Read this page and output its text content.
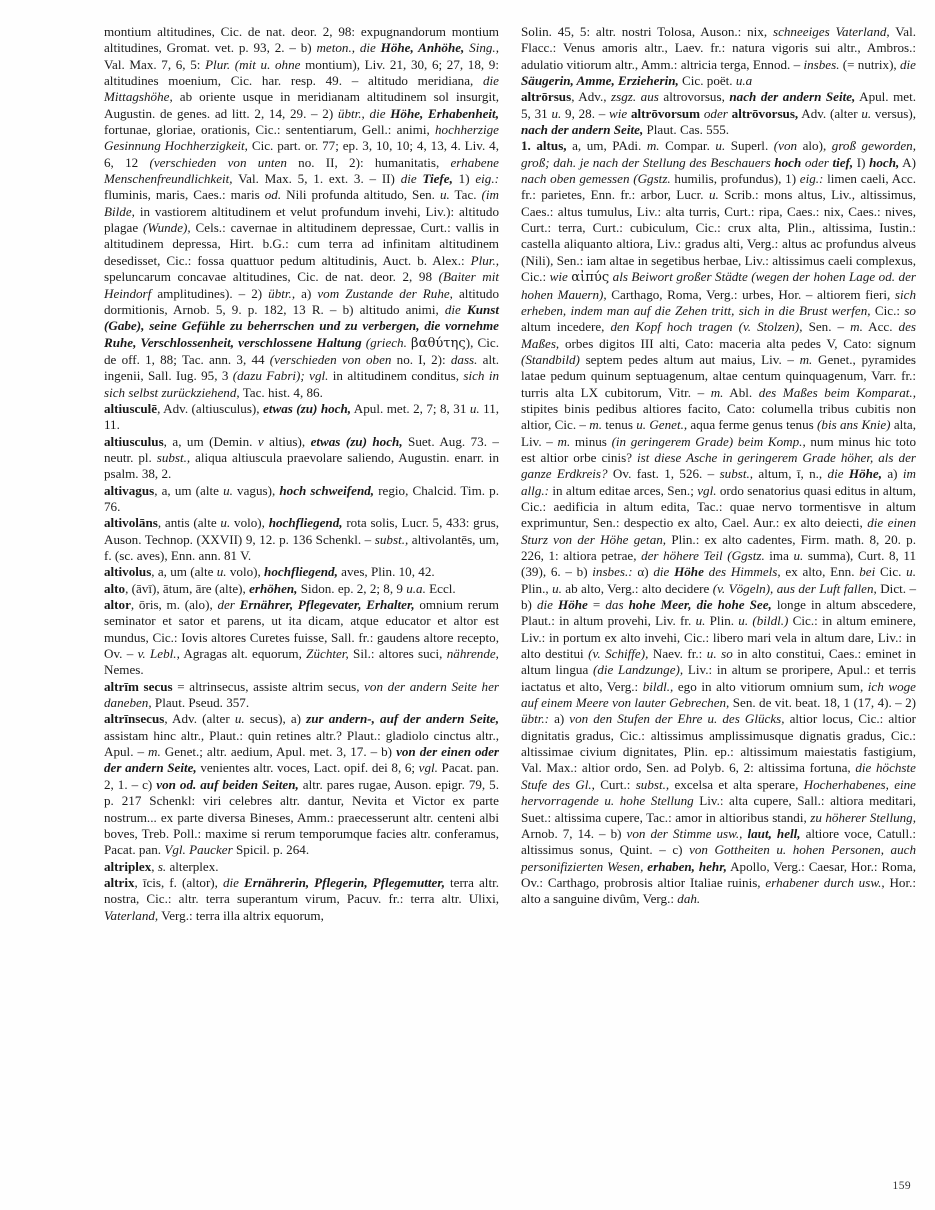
montium altitudines, Cic. de nat. deor. 2, 98: expugnandorum montium altitudines, Gromat. vet. p. 93, 2. – b) meton., die Höhe, Anhöhe, Sing., Val. Max. 7, 6, 5: Plur. (mit u. ohne montium), Liv. 21, 30, 6; 27, 18, 9: altitudines moenium, Cic. har. resp. 49. – altitudo meridiana, die Mittagshöhe, ab oriente usque in meridianam altitudinem sol insurgit, Augustin. de genes. ad litt. 2, 14, 29. – 2) übtr., die Höhe, Erhabenheit, fortunae, gloriae, orationis, Cic.: sententiarum, Gell.: animi, hochherzige Gesinnung Hochherzigkeit, Cic. part. or. 77; ep. 3, 10, 10; 4, 13, 4. Liv. 4, 6, 12 (verschieden von unten no. II, 2): humanitatis, erhabene Menschenfreundlichkeit, Val. Max. 5, 1. ext. 3. – II) die Tiefe, 1) eig.: fluminis, maris, Caes.: maris od. Nili profunda altitudo, Sen. u. Tac. (im Bilde, in vastiorem altitudinem et velut profundum invehi, Liv.): altitudo plagae (Wunde), Cels.: cavernae in altitudinem depressae, Curt.: vallis in altitudinem depressa, Hirt. b.G.: cum terra ad infinitam altitudinem desedisset, Cic.: fossa quattuor pedum altitudinis, Auct. b. Alex.: Plur., speluncarum concavae altitudines, Cic. de nat. deor. 2, 98 (Baiter mit Heindorf amplitudines). – 2) übtr., a) vom Zustande der Ruhe, altitudo dormitionis, Arnob. 5, 9. p. 182, 13 R. – b) altitudo animi, die Kunst (Gabe), seine Gefühle zu beherrschen und zu verbergen, die vornehme Ruhe, Verschlossenheit, verschlossene Haltung (griech. βαθύτης), Cic. de off. 1, 88; Tac. ann. 3, 44 (verschieden von oben no. I, 2): dass. alt. ingenii, Sall. Iug. 95, 3 (dazu Fabri); vgl. in altitudinem conditus, sich in sich selbst zurückziehend, Tac. hist. 4, 86.

altiusculē, Adv. (altiusculus), etwas (zu) hoch, Apul. met. 2, 7; 8, 31 u. 11, 11.

altiusculus, a, um (Demin. v altius), etwas (zu) hoch, Suet. Aug. 73. – neutr. pl. subst., aliqua altiuscula praevolare saliendo, Augustin. enarr. in psalm. 38, 2.

altivagus, a, um (alte u. vagus), hoch schweifend, regio, Chalcid. Tim. p. 76.

altivolāns, antis (alte u. volo), hochfliegend, rota solis, Lucr. 5, 433: grus, Auson. Technop. (XXVII) 9, 12. p. 136 Schenkl. – subst., altivolantēs, um, f. (sc. aves), Enn. ann. 81 V.

altivolus, a, um (alte u. volo), hochfliegend, aves, Plin. 10, 42.

alto, (āvī), ātum, āre (alte), erhöhen, Sidon. ep. 2, 2; 8, 9 u.a. Eccl.

altor, ōris, m. (alo), der Ernährer, Pflegevater, Erhalter, omnium rerum seminator et sator et parens, ut ita dicam, atque educator et altor est mundus, Cic.: Iovis altores Curetes fuisse, Sall. fr.: gaudens altore recepto, Ov. – v. Lebl., Agragas alt. equorum, Züchter, Sil.: altores suci, nährende, Nemes.

altrīm secus = altrinsecus, assiste altrim secus, von der andern Seite her daneben, Plaut. Pseud. 357.

altrīnsecus, Adv. (alter u. secus), a) zur andern-, auf der andern Seite, assistam hinc altr., Plaut.: quin retines altr.? Plaut.: gladiolo cinctus altr., Apul. – m. Genet.; altr. aedium, Apul. met. 3, 17. – b) von der einen oder der andern Seite, venientes altr. voces, Lact. opif. dei 8, 6; vgl. Pacat. pan. 2, 1. – c) von od. auf beiden Seiten, altr. pares rugae, Auson. epigr. 79, 5. p. 217 Schenkl: viri celebres altr. dantur, Nevita et Victor ex parte nostrum... ex parte diversa Bineses, Amm.: praecesserunt altr. centeni albi boves, Treb. Poll.: maxime si rerum temporumque facies altr. conferamus, Pacat. pan. Vgl. Paucker Spicil. p. 264.

altriplex, s. alterplex.

altrix, īcis, f. (altor), die Ernährerin, Pflegerin, Pflegemutter, terra altr. nostra, Cic.: altr. terra superantum virum, Pacuv. fr.: terra altr. Ulixi, Vaterland, Verg.: terra illa altrix equorum,

Solin. 45, 5: altr. nostri Tolosa, Auson.: nix, schneeiges Vaterland, Val. Flacc.: Venus amoris altr., Laev. fr.: natura vigoris sui altr., Ambros.: adulatio vitiorum altr., Amm.: altricia terga, Ennod. – insbes. (= nutrix), die Säugerin, Amme, Erzieherin, Cic. poët. u.a

altrōrsus, Adv., zsgz. aus altrovorsus, nach der andern Seite, Apul. met. 5, 31 u. 9, 28. – wie altrōvorsum oder altrōvorsus, Adv. (alter u. versus), nach der andern Seite, Plaut. Cas. 555.

1. altus, a, um, PAdi. m. Compar. u. Superl. (von alo), groß geworden, groß; dah. je nach der Stellung des Beschauers hoch oder tief, I) hoch, A) nach oben gemessen (Ggstz. humilis, profundus), 1) eig.: limen caeli, Acc. fr.: parietes, Enn. fr.: arbor, Lucr. u. Scrib.: mons altus, Liv., altissimus, Caes.: altus tumulus, Liv.: alta turris, Curt.: ripa, Caes.: nix, Caes.: nives, Curt.: terra, Curt.: cubiculum, Cic.: crux alta, Plin., altissima, Iustin.: castella aliquanto altiora, Liv.: gradus alti, Verg.: altus ac profundus alveus (Nili), Sen.: iam altae in segetibus herbae, Liv.: altissimus caeli complexus, Cic.: wie αἰπύς als Beiwort großer Städte (wegen der hohen Lage od. der hohen Mauern), Carthago, Roma, Verg.: urbes, Hor. – altiorem fieri, sich erheben, indem man auf die Zehen tritt, sich in die Brust werfen, Cic.: so altum incedere, den Kopf hoch tragen (v. Stolzen), Sen. – m. Acc. des Maßes, orbes digitos III alti, Cato: maceria alta pedes V, Cato: signum (Standbild) septem pedes altum aut maius, Liv. – m. Genet., pyramides latae pedum quinum septuagenum, altae centum quinquagenum, Varr. fr.: turris alta LX cubitorum, Vitr. – m. Abl. des Maßes beim Komparat., stipites binis pedibus altiores facito, Cato: columella tribus cubitis non altior, Cic. – m. tenus u. Genet., aqua ferme genus tenus (bis ans Knie) alta, Liv. – m. minus (in geringerem Grade) beim Komp., num minus hic toto est altior orbe cinis? ist diese Asche in geringerem Grade höher, als der ganze Erdkreis? Ov. fast. 1, 526. – subst., altum, ī, n., die Höhe, a) im allg.: in altum editae arces, Sen.; vgl. ordo senatorius quasi editus in altum, Cic.: aedificia in altum edita, Tac.: quae nervo tormentisve in altum exprimuntur, Sen.: despectio ex alto, Cael. Aur.: ex alto deiecti, die einen Sturz von der Höhe getan, Plin.: ex alto cadentes, Firm. math. 8, 20. p. 226, 1: altiora petrae, der höhere Teil (Ggstz. ima u. summa), Curt. 8, 11 (39), 6. – b) insbes.: α) die Höhe des Himmels, ex alto, Enn. bei Cic. u. Plin., u. ab alto, Verg.: alto decidere (v. Vögeln), aus der Luft fallen, Dict. – b) die Höhe = das hohe Meer, die hohe See, longe in altum abscedere, Plaut.: in altum provehi, Liv. fr. u. Plin. u. (bildl.) Cic.: in altum eminere, Liv.: in portum ex alto invehi, Cic.: libero mari vela in altum dare, Liv.: in alto destitui (v. Schiffe), Naev. fr.: u. so in alto constitui, Caes.: eminet in altum lingua (die Landzunge), Liv.: in altum se proripere, Apul.: et terris iactatus et alto, Verg.: bildl., ego in alto vitiorum omnium sum, ich woge auf einem Meere von lauter Gebrechen, Sen. de vit. beat. 18, 1 (17, 4). – 2) übtr.: a) von den Stufen der Ehre u. des Glücks, altior locus, Cic.: altior dignitatis gradus, Cic.: altissimus amplissimusque dignatis gradus, Cic.: altissimae civium dignitates, Plin. ep.: altissimum maiestatis fastigium, Val. Max.: altior ordo, Sen. ad Polyb. 6, 2: altissima fortuna, die höchste Stufe des Gl., Curt.: subst., excelsa et alta sperare, Hocherhabenes, eine hervorragende u. hohe Stellung Liv.: alta cupere, Sall.: altiora meditari, Suet.: altissima cupere, Tac.: amor in altioribus standi, zu höherer Stellung, Arnob. 7, 14. – b) von der Stimme usw., laut, hell, altiore voce, Catull.: altissimus sonus, Quint. – c) von Gottheiten u. hohen Personen, auch personifizierten Wesen, erhaben, hehr, Apollo, Verg.: Caesar, Hor.: Roma, Ov.: Carthago, probrosis altior Italiae ruinis, erhabener durch usw., Hor.: alto a sanguine divûm, Verg.: dah.

159
